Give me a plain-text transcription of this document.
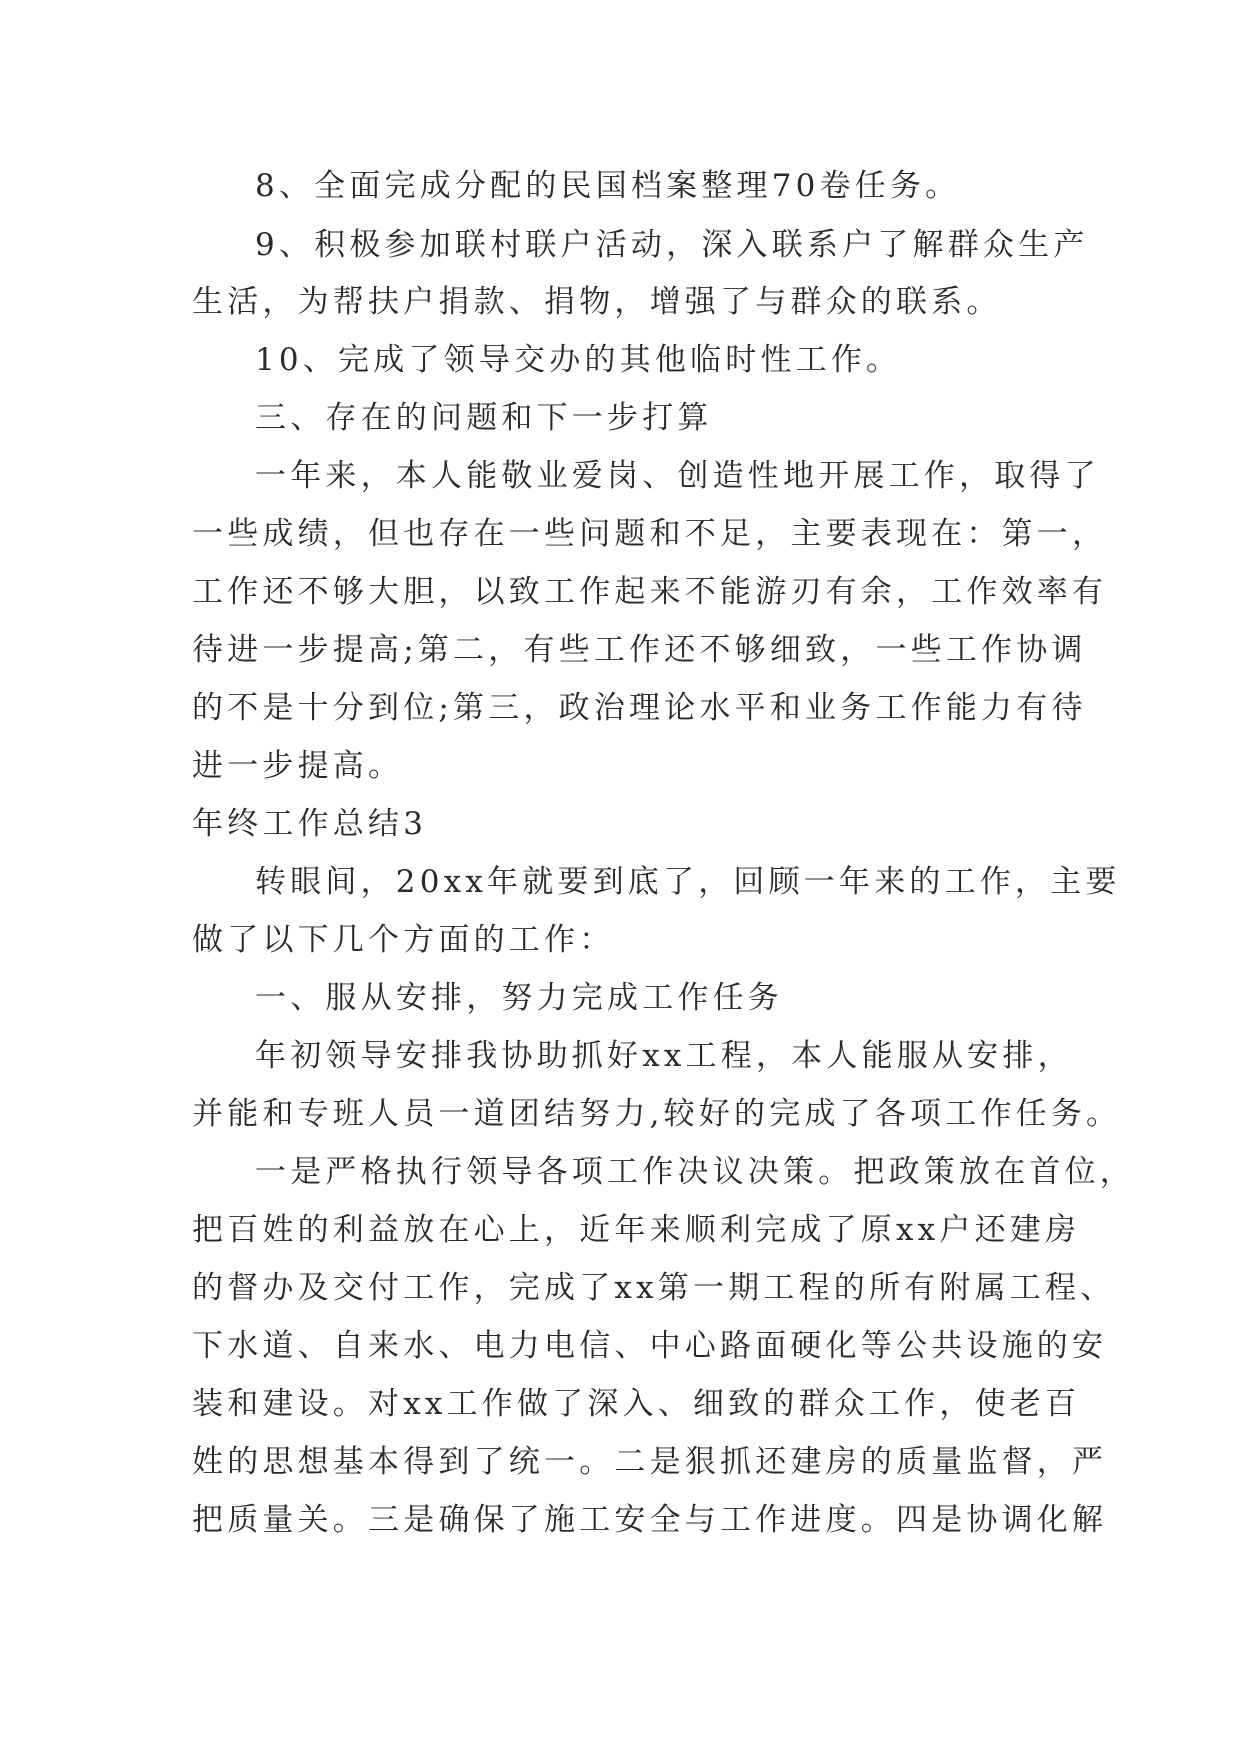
8、全面完成分配的民国档案整理70卷任务。
9、积极参加联村联户活动，深入联系户了解群众生产
生活，为帮扶户捐款、捐物，增强了与群众的联系。
10、完成了领导交办的其他临时性工作。
三、存在的问题和下一步打算
一年来，本人能敬业爱岗、创造性地开展工作，取得了
一些成绩，但也存在一些问题和不足，主要表现在：第一，
工作还不够大胆，以致工作起来不能游刃有余，工作效率有
待进一步提高;第二，有些工作还不够细致，一些工作协调
的不是十分到位;第三，政治理论水平和业务工作能力有待
进一步提高。
年终工作总结3
转眼间，20xx年就要到底了，回顾一年来的工作，主要
做了以下几个方面的工作：
一、服从安排，努力完成工作任务
年初领导安排我协助抓好xx工程，本人能服从安排，
并能和专班人员一道团结努力,较好的完成了各项工作任务。
一是严格执行领导各项工作决议决策。把政策放在首位，
把百姓的利益放在心上，近年来顺利完成了原xx户还建房
的督办及交付工作，完成了xx第一期工程的所有附属工程、
下水道、自来水、电力电信、中心路面硬化等公共设施的安
装和建设。对xx工作做了深入、细致的群众工作，使老百
姓的思想基本得到了统一。二是狠抓还建房的质量监督，严
把质量关。三是确保了施工安全与工作进度。四是协调化解
